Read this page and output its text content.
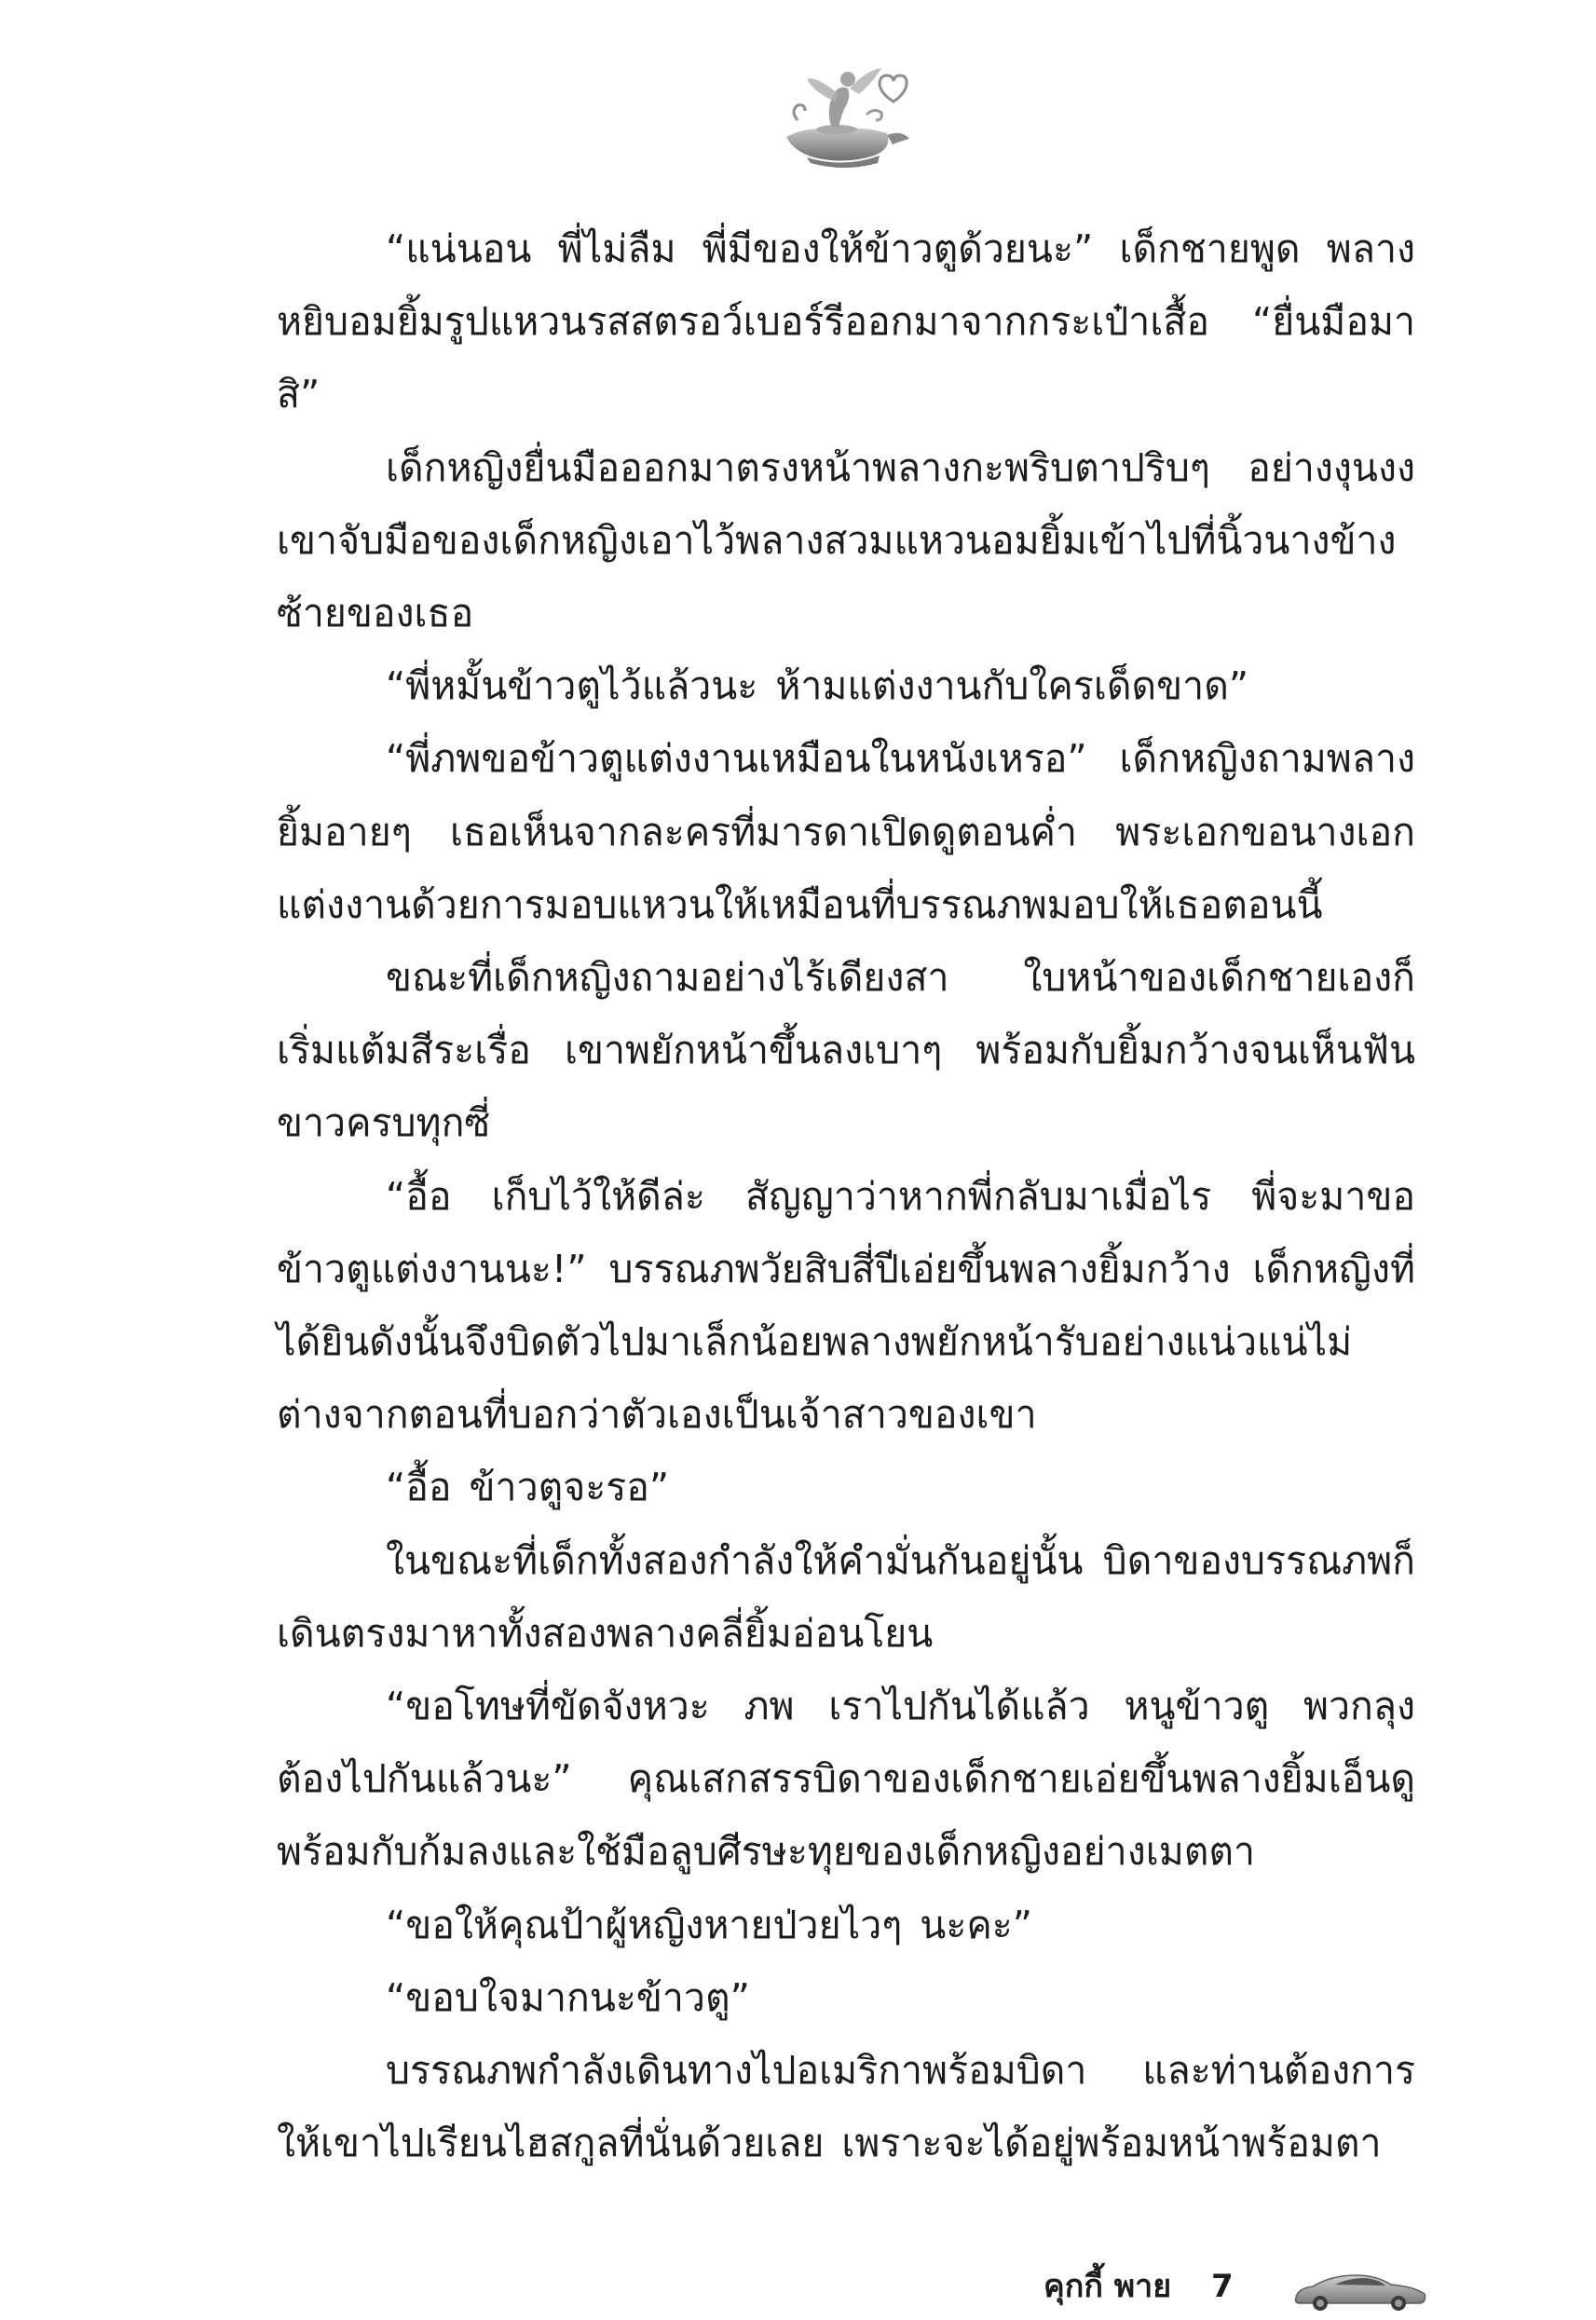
“แน่นอน พี่ไม่ลืม พี่มีของให้ข้าวตูด้วยนะ” เด็กชายพูด พลางหยิบอมยิ้มรูปแหวนรสสตรอว์เบอร์รีออกมาจากกระเป๋าเสื้อ “ยื่นมือมาสิ”

เด็กหญิงยื่นมือออกมาตรงหน้าพลางกะพริบตาปริบๆ อย่างงุนงง เขาจับมือของเด็กหญิงเอาไว้พลางสวมแหวนอมยิ้มเข้าไปที่นิ้วนางข้างซ้ายของเธอ

“พี่หมั้นข้าวตูไว้แล้วนะ ห้ามแต่งงานกับใครเด็ดขาด”

“พี่ภพขอข้าวตูแต่งงานเหมือนในหนังเหรอ” เด็กหญิงถามพลางยิ้มอายๆ เธอเห็นจากละครที่มารดาเปิดดูตอนค่ำ พระเอกขอนางเอกแต่งงานด้วยการมอบแหวนให้เหมือนที่บรรณภพมอบให้เธอตอนนี้

ขณะที่เด็กหญิงถามอย่างไร้เดียงสา ใบหน้าของเด็กชายเองก็เริ่มแต้มสีระเรื่อ เขาพยักหน้าขึ้นลงเบาๆ พร้อมกับยิ้มกว้างจนเห็นฟันขาวครบทุกซี่

“อื้อ เก็บไว้ให้ดีล่ะ สัญญาว่าหากพี่กลับมาเมื่อไร พี่จะมาขอข้าวตูแต่งงานนะ!” บรรณภพวัยสิบสี่ปีเอ่ยขึ้นพลางยิ้มกว้าง เด็กหญิงที่ได้ยินดังนั้นจึงบิดตัวไปมาเล็กน้อยพลางพยักหน้ารับอย่างแน่วแน่ไม่ต่างจากตอนที่บอกว่าตัวเองเป็นเจ้าสาวของเขา

“อื้อ ข้าวตูจะรอ”

ในขณะที่เด็กทั้งสองกำลังให้คำมั่นกันอยู่นั้น บิดาของบรรณภพก็เดินตรงมาหาทั้งสองพลางคลี่ยิ้มอ่อนโยน

“ขอโทษที่ขัดจังหวะ ภพ เราไปกันได้แล้ว หนูข้าวตู พวกลุงต้องไปกันแล้วนะ” คุณเสกสรรบิดาของเด็กชายเอ่ยขึ้นพลางยิ้มเอ็นดูพร้อมกับก้มลงและใช้มือลูบศีรษะทุยของเด็กหญิงอย่างเมตตา

“ขอให้คุณป้าผู้หญิงหายป่วยไวๆ นะคะ”

“ขอบใจมากนะข้าวตู”

บรรณภพกำลังเดินทางไปอเมริกาพร้อมบิดา และท่านต้องการให้เขาไปเรียนไฮสกูลที่นั่นด้วยเลย เพราะจะได้อยู่พร้อมหน้าพร้อมตา

คุกกี้ พาย 7
